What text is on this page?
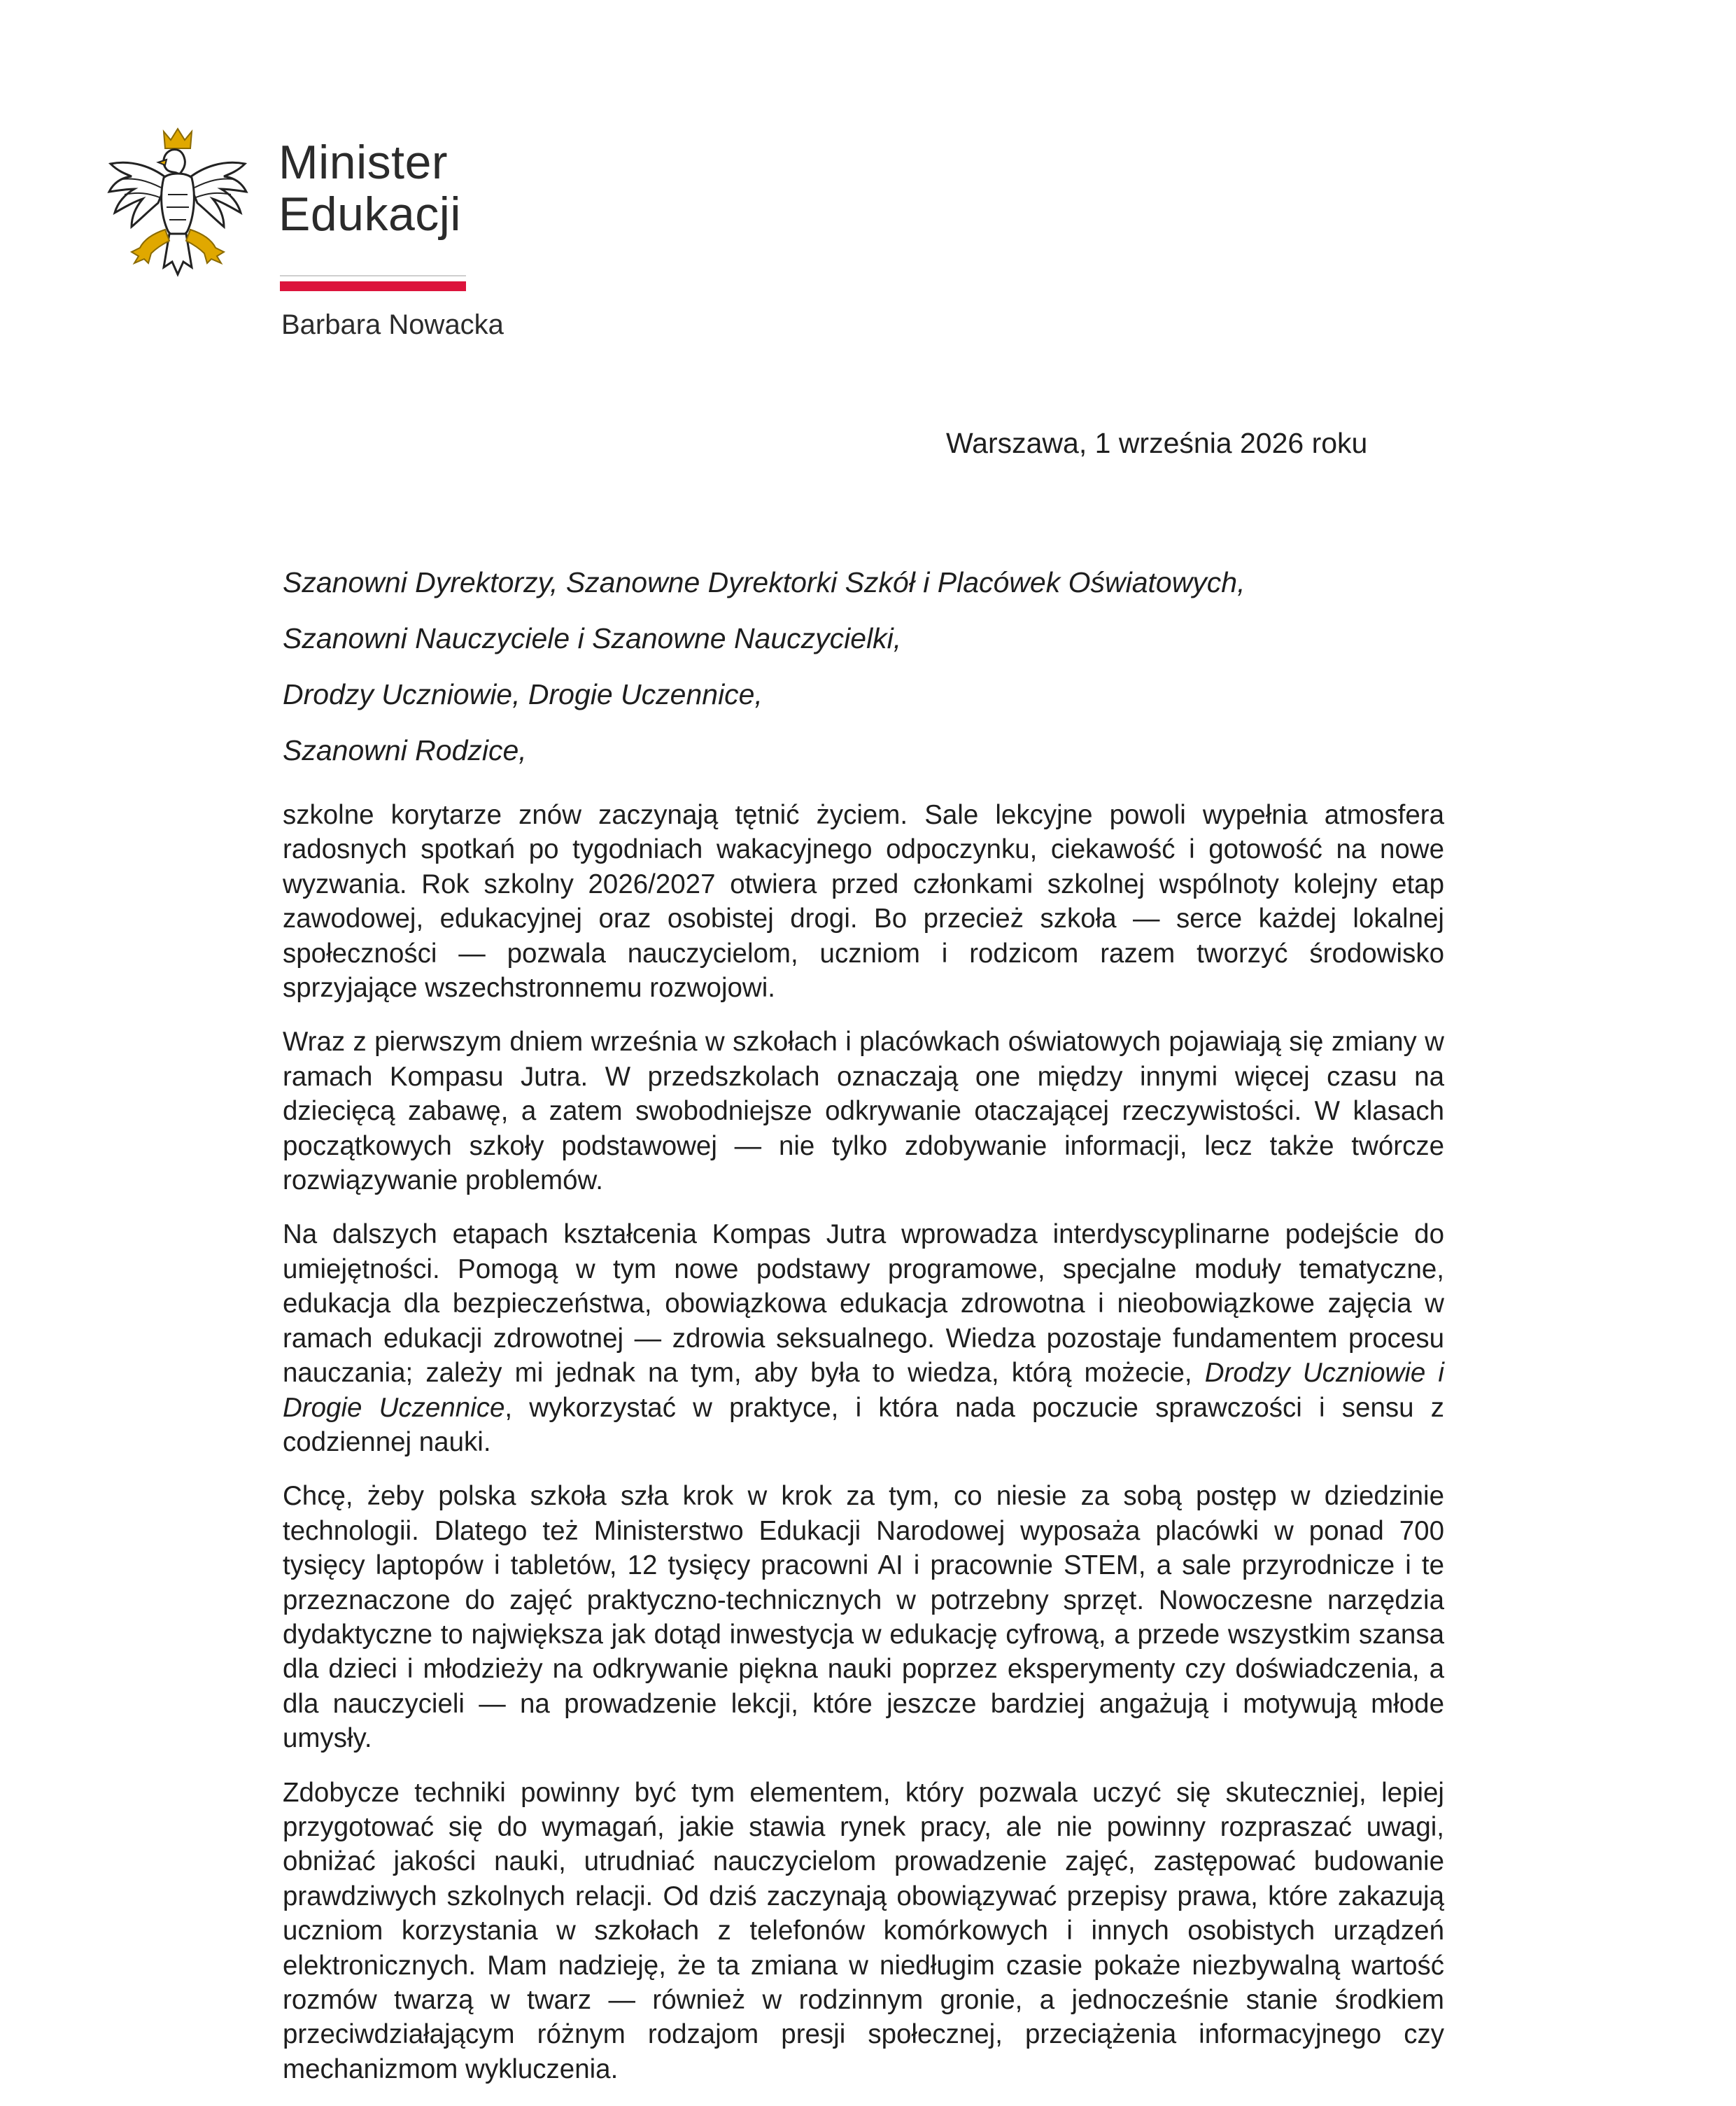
Minister
Edukacji
Barbara Nowacka
Warszawa, 1 września 2026 roku

Szanowni Dyrektorzy, Szanowne Dyrektorki Szkół i Placówek Oświatowych,

Szanowni Nauczyciele i Szanowne Nauczycielki,

Drodzy Uczniowie, Drogie Uczennice,

Szanowni Rodzice,

szkolne korytarze znów zaczynają tętnić życiem. Sale lekcyjne powoli wypełnia atmosfera radosnych spotkań po tygodniach wakacyjnego odpoczynku, ciekawość i gotowość na nowe wyzwania. Rok szkolny 2026/2027 otwiera przed członkami szkolnej wspólnoty kolejny etap zawodowej, edukacyjnej oraz osobistej drogi. Bo przecież szkoła — serce każdej lokalnej społeczności — pozwala nauczycielom, uczniom i rodzicom razem tworzyć środowisko sprzyjające wszechstronnemu rozwojowi.

Wraz z pierwszym dniem września w szkołach i placówkach oświatowych pojawiają się zmiany w ramach Kompasu Jutra. W przedszkolach oznaczają one między innymi więcej czasu na dziecięcą zabawę, a zatem swobodniejsze odkrywanie otaczającej rzeczywistości. W klasach początkowych szkoły podstawowej — nie tylko zdobywanie informacji, lecz także twórcze rozwiązywanie problemów.

Na dalszych etapach kształcenia Kompas Jutra wprowadza interdyscyplinarne podejście do umiejętności. Pomogą w tym nowe podstawy programowe, specjalne moduły tematyczne, edukacja dla bezpieczeństwa, obowiązkowa edukacja zdrowotna i nieobowiązkowe zajęcia w ramach edukacji zdrowotnej — zdrowia seksualnego. Wiedza pozostaje fundamentem procesu nauczania; zależy mi jednak na tym, aby była to wiedza, którą możecie, Drodzy Uczniowie i Drogie Uczennice, wykorzystać w praktyce, i która nada poczucie sprawczości i sensu z codziennej nauki.

Chcę, żeby polska szkoła szła krok w krok za tym, co niesie za sobą postęp w dziedzinie technologii. Dlatego też Ministerstwo Edukacji Narodowej wyposaża placówki w ponad 700 tysięcy laptopów i tabletów, 12 tysięcy pracowni AI i pracownie STEM, a sale przyrodnicze i te przeznaczone do zajęć praktyczno-technicznych w potrzebny sprzęt. Nowoczesne narzędzia dydaktyczne to największa jak dotąd inwestycja w edukację cyfrową, a przede wszystkim szansa dla dzieci i młodzieży na odkrywanie piękna nauki poprzez eksperymenty czy doświadczenia, a dla nauczycieli — na prowadzenie lekcji, które jeszcze bardziej angażują i motywują młode umysły.

Zdobycze techniki powinny być tym elementem, który pozwala uczyć się skuteczniej, lepiej przygotować się do wymagań, jakie stawia rynek pracy, ale nie powinny rozpraszać uwagi, obniżać jakości nauki, utrudniać nauczycielom prowadzenie zajęć, zastępować budowanie prawdziwych szkolnych relacji. Od dziś zaczynają obowiązywać przepisy prawa, które zakazują uczniom korzystania w szkołach z telefonów komórkowych i innych osobistych urządzeń elektronicznych. Mam nadzieję, że ta zmiana w niedługim czasie pokaże niezbywalną wartość rozmów twarzą w twarz — również w rodzinnym gronie, a jednocześnie stanie środkiem przeciwdziałającym różnym rodzajom presji społecznej, przeciążenia informacyjnego czy mechanizmom wykluczenia.
